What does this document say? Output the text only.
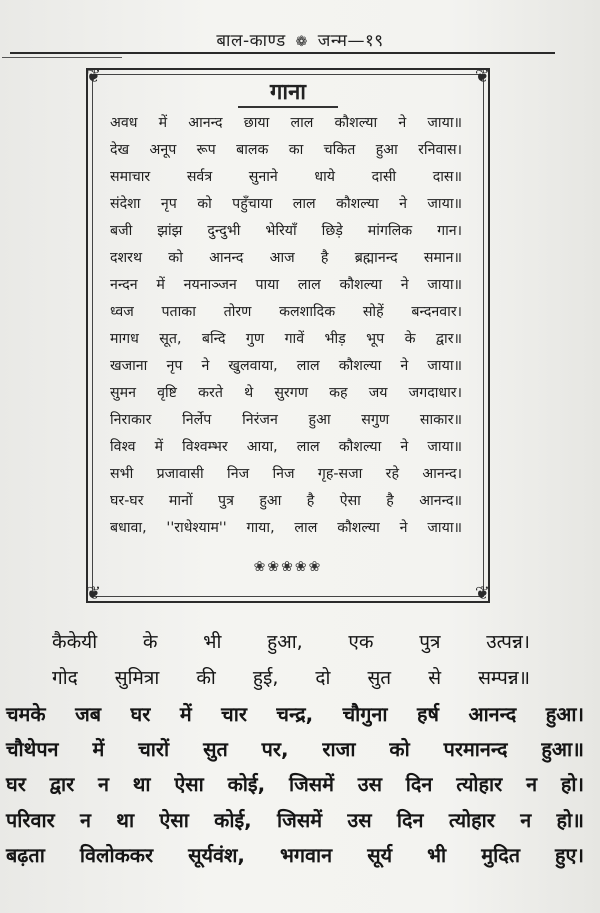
बाल-काण्ड ❁ जन्म—१९
❦	❦
❦	❦
गाना
अवध में आनन्द छाया लाल कौशल्या ने जाया॥
देख अनूप रूप बालक का चकित हुआ रनिवास।
समाचार सर्वत्र सुनाने धाये दासी दास॥
संदेशा नृप को पहुँचाया लाल कौशल्या ने जाया॥
बजी झांझ दुन्दुभी भेरियाँ छिड़े मांगलिक गान।
दशरथ को आनन्द आज है ब्रह्मानन्द समान॥
नन्दन में नयनाञ्जन पाया लाल कौशल्या ने जाया॥
ध्वज पताका तोरण कलशादिक सोहें बन्दनवार।
मागध सूत, बन्दि गुण गावें भीड़ भूप के द्वार॥
खजाना नृप ने खुलवाया, लाल कौशल्या ने जाया॥
सुमन वृष्टि करते थे सुरगण कह जय जगदाधार।
निराकार निर्लेप निरंजन हुआ सगुण साकार॥
विश्व में विश्वम्भर आया, लाल कौशल्या ने जाया॥
सभी प्रजावासी निज निज गृह-सजा रहे आनन्द।
घर-घर मानों पुत्र हुआ है ऐसा है आनन्द॥
बधावा, ''राधेश्याम'' गाया, लाल कौशल्या ने जाया॥
❀❀❀❀❀
कैकेयी के भी हुआ, एक पुत्र उत्पन्न।
गोद सुमित्रा की हुई, दो सुत से सम्पन्न॥
चमके जब घर में चार चन्द्र, चौगुना हर्ष आनन्द हुआ।
चौथेपन में चारों सुत पर, राजा को परमानन्द हुआ॥
घर द्वार न था ऐसा कोई, जिसमें उस दिन त्योहार न हो।
परिवार न था ऐसा कोई, जिसमें उस दिन त्योहार न हो॥
बढ़ता विलोककर सूर्यवंश, भगवान सूर्य भी मुदित हुए।
